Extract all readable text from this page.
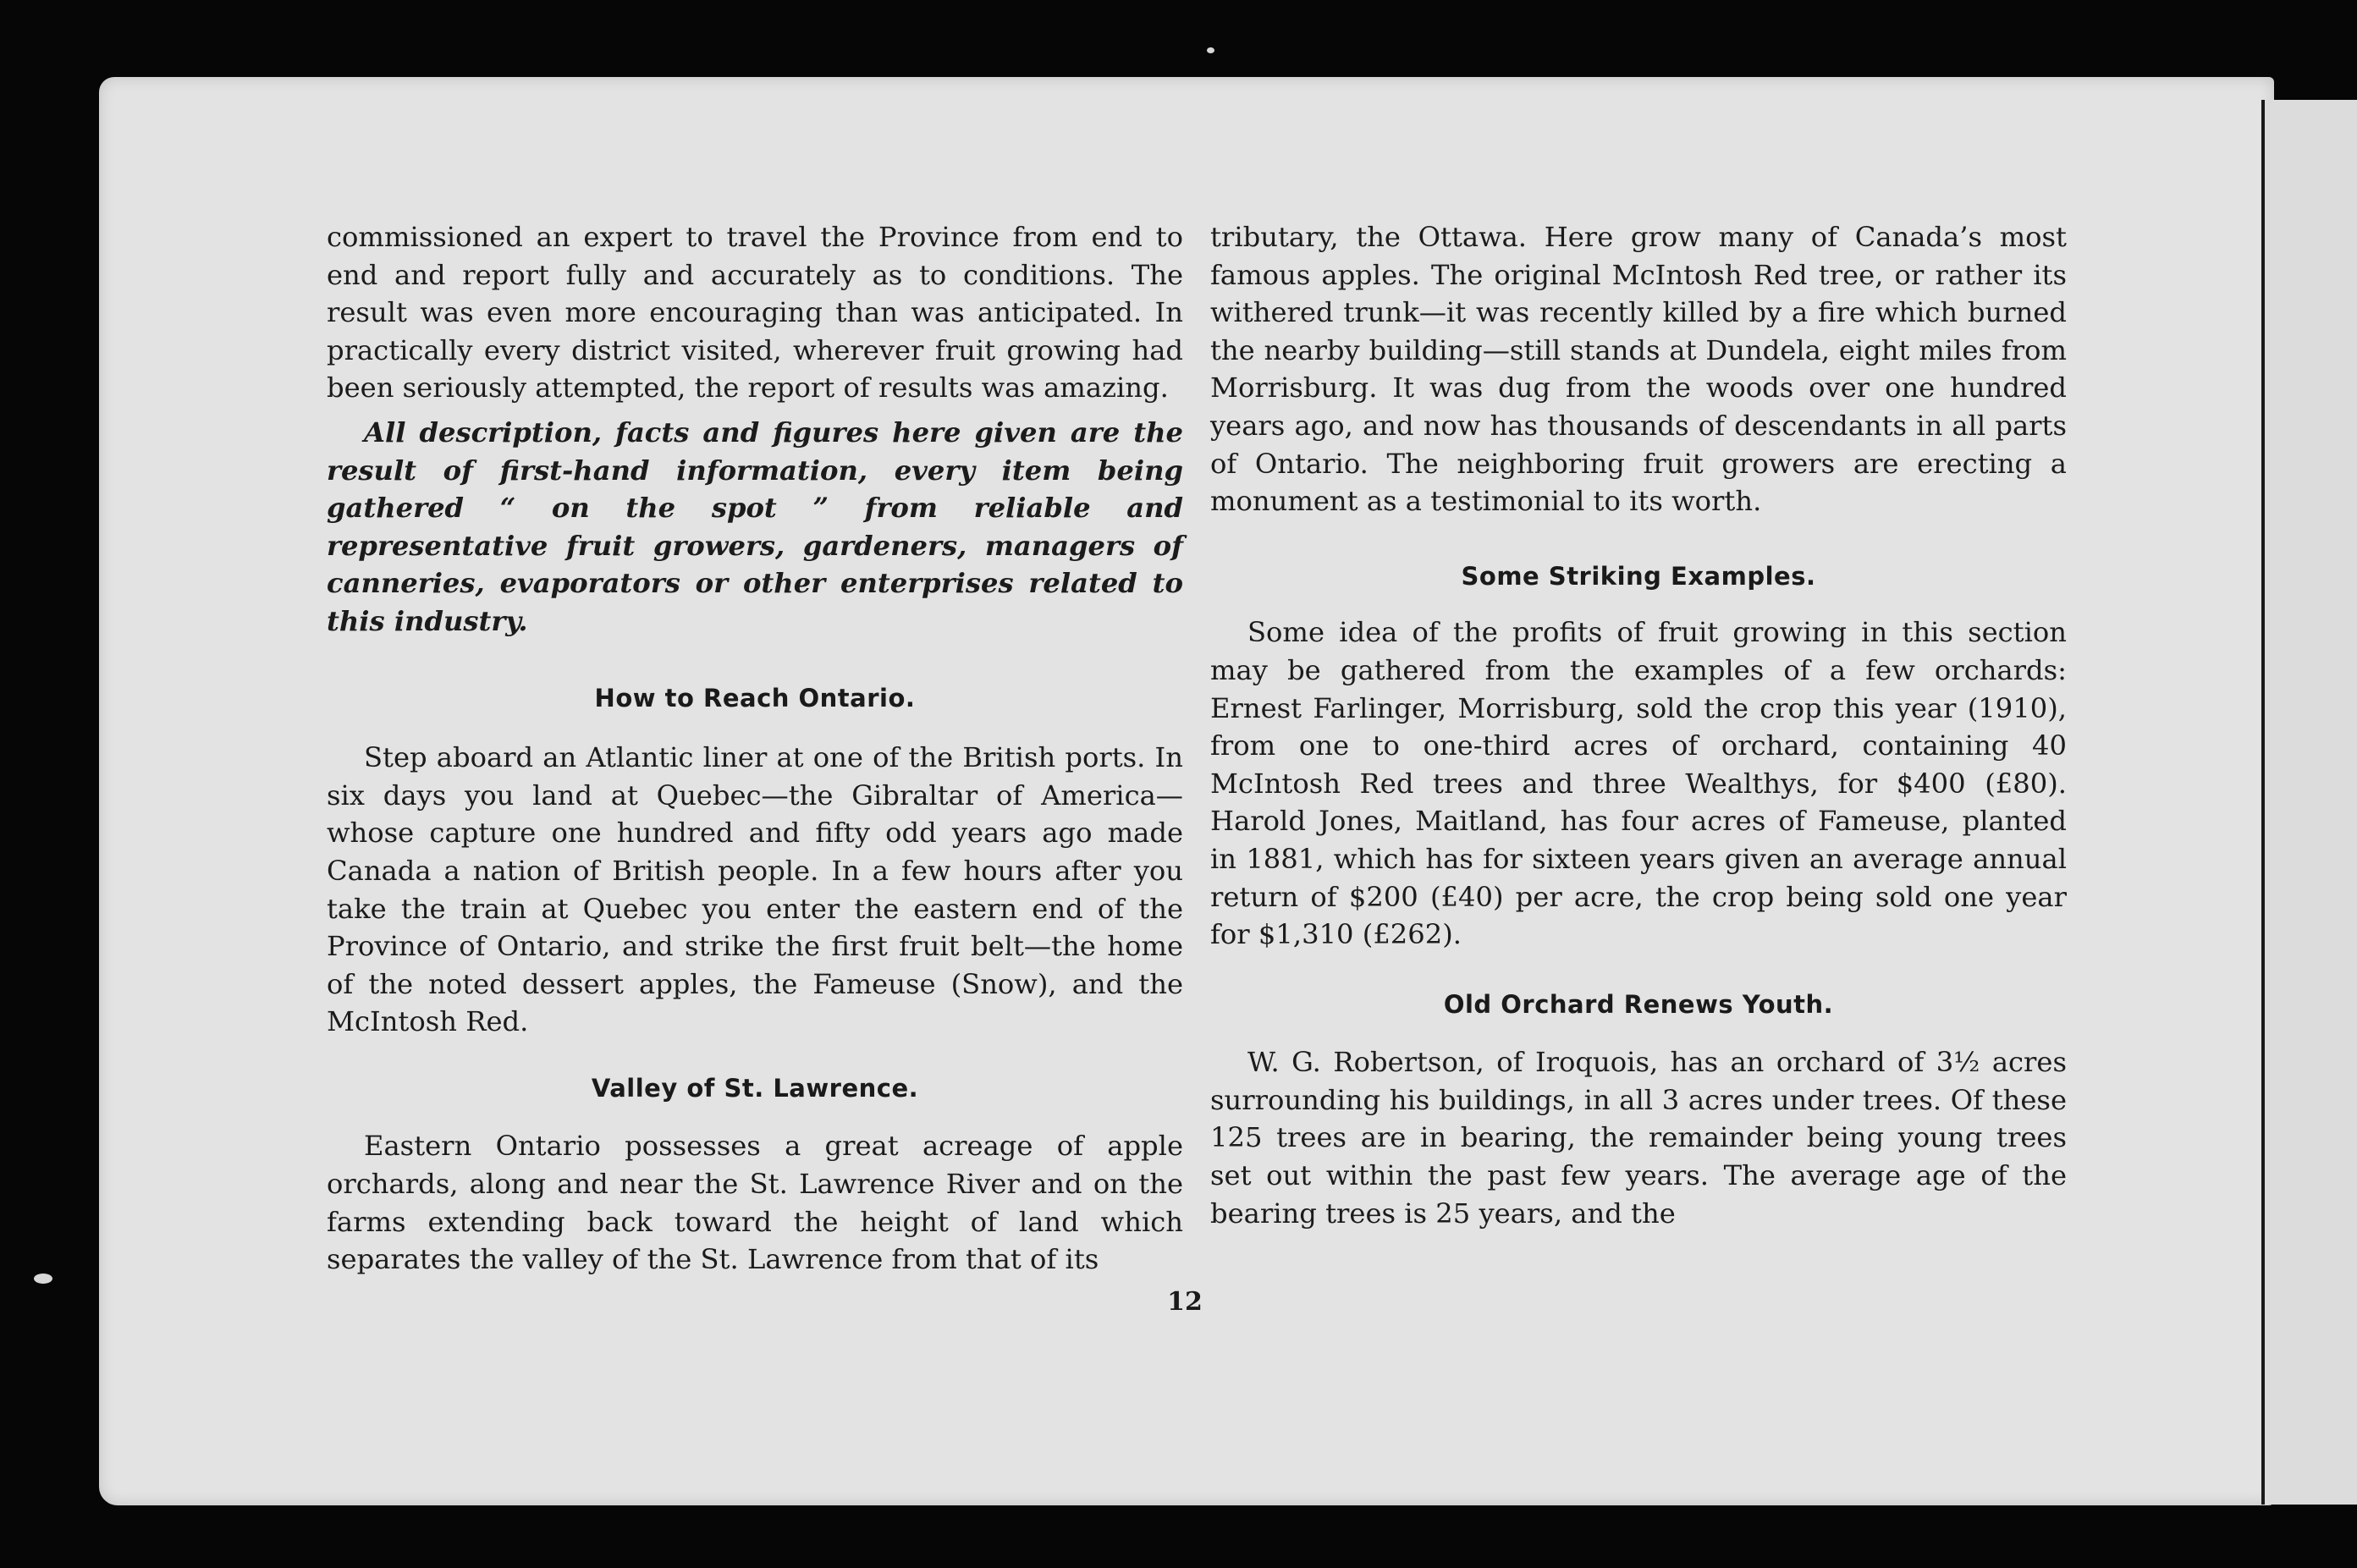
commissioned an expert to travel the Province from end to end and report fully and accurately as to conditions. The result was even more encouraging than was anticipated. In practically every district visited, wherever fruit growing had been seriously attempted, the report of results was amazing.

All description, facts and figures here given are the result of first-hand information, every item being gathered “ on the spot ” from reliable and representative fruit growers, gardeners, managers of canneries, evaporators or other enterprises related to this industry.

How to Reach Ontario.

Step aboard an Atlantic liner at one of the British ports. In six days you land at Quebec—the Gibraltar of America—whose capture one hundred and fifty odd years ago made Canada a nation of British people. In a few hours after you take the train at Quebec you enter the eastern end of the Province of Ontario, and strike the first fruit belt—the home of the noted dessert apples, the Fameuse (Snow), and the McIntosh Red.

Valley of St. Lawrence.

Eastern Ontario possesses a great acreage of apple orchards, along and near the St. Lawrence River and on the farms extending back toward the height of land which separates the valley of the St. Lawrence from that of its

tributary, the Ottawa. Here grow many of Canada’s most famous apples. The original McIntosh Red tree, or rather its withered trunk—it was recently killed by a fire which burned the nearby building—still stands at Dundela, eight miles from Morrisburg. It was dug from the woods over one hundred years ago, and now has thousands of descendants in all parts of Ontario. The neighboring fruit growers are erecting a monument as a testimonial to its worth.

Some Striking Examples.

Some idea of the profits of fruit growing in this section may be gathered from the examples of a few orchards: Ernest Farlinger, Morrisburg, sold the crop this year (1910), from one to one-third acres of orchard, containing 40 McIntosh Red trees and three Wealthys, for $400 (£80). Harold Jones, Maitland, has four acres of Fameuse, planted in 1881, which has for sixteen years given an average annual return of $200 (£40) per acre, the crop being sold one year for $1,310 (£262).

Old Orchard Renews Youth.

W. G. Robertson, of Iroquois, has an orchard of 3½ acres surrounding his buildings, in all 3 acres under trees. Of these 125 trees are in bearing, the remainder being young trees set out within the past few years. The average age of the bearing trees is 25 years, and the

12
